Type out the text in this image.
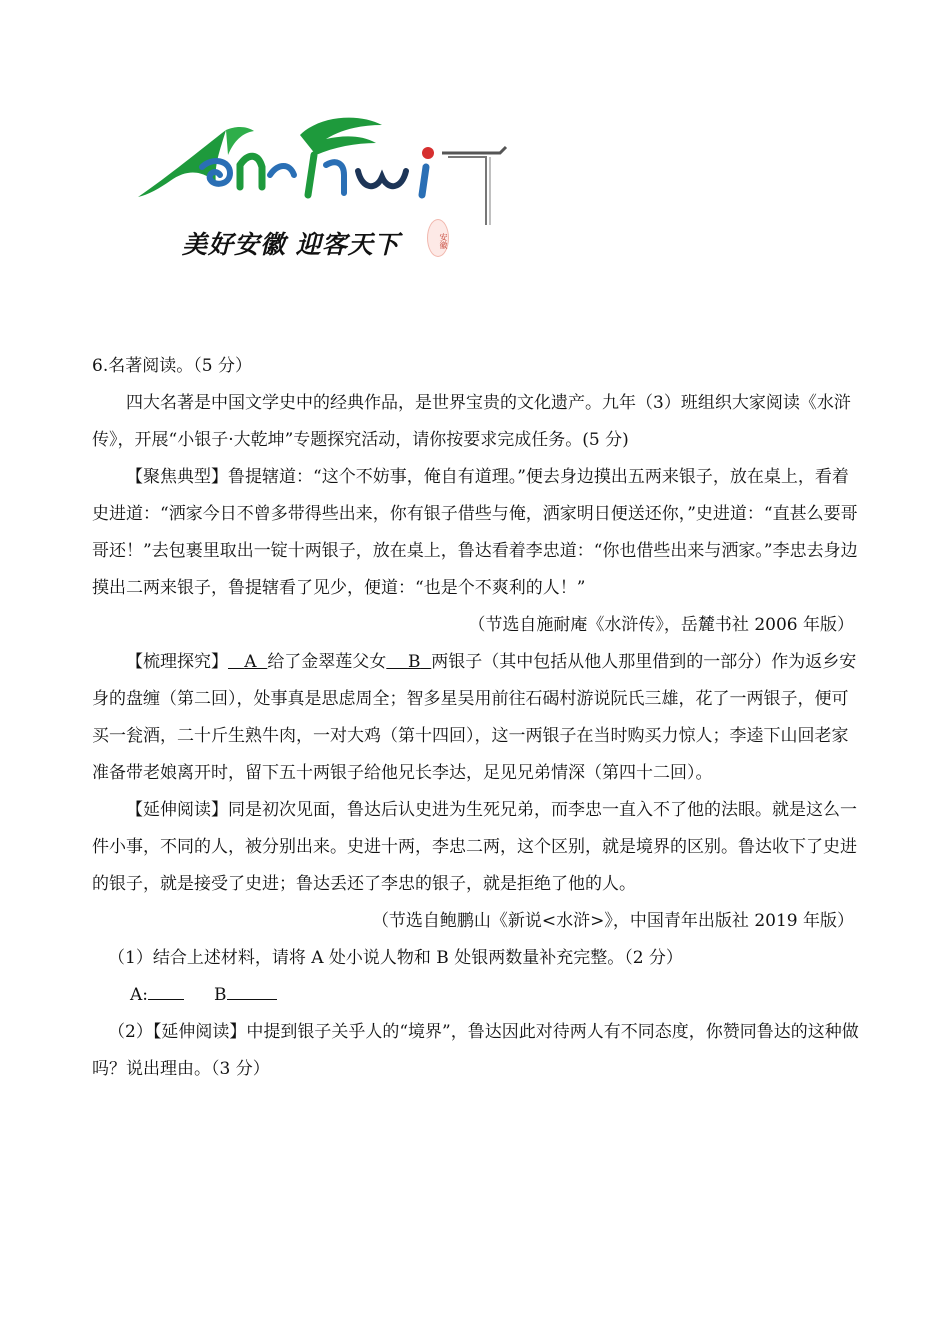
美好安徽 迎客天下	安徽

6.名著阅读。（5 分）

四大名著是中国文学史中的经典作品，是世界宝贵的文化遗产。九年（3）班组织大家阅读《水浒传》，开展“小银子·大乾坤”专题探究活动，请你按要求完成任务。(5 分)

【聚焦典型】鲁提辖道：“这个不妨事，俺自有道理。”便去身边摸出五两来银子，放在桌上，看着史进道：“洒家今日不曾多带得些出来，你有银子借些与俺，洒家明日便送还你，”史进道：“直甚么要哥哥还！”去包裹里取出一锭十两银子，放在桌上，鲁达看着李忠道：“你也借些出来与洒家。”李忠去身边摸出二两来银子，鲁提辖看了见少，便道：“也是个不爽利的人！”

（节选自施耐庵《水浒传》，岳麓书社 2006 年版）

【梳理探究】 A 给了金翠莲父女 B 两银子（其中包括从他人那里借到的一部分）作为返乡安身的盘缠（第二回），处事真是思虑周全；智多星吴用前往石碣村游说阮氏三雄，花了一两银子，便可买一瓮酒，二十斤生熟牛肉，一对大鸡（第十四回），这一两银子在当时购买力惊人；李逵下山回老家准备带老娘离开时，留下五十两银子给他兄长李达，足见兄弟情深（第四十二回）。

【延伸阅读】同是初次见面，鲁达后认史进为生死兄弟，而李忠一直入不了他的法眼。就是这么一件小事，不同的人，被分别出来。史进十两，李忠二两，这个区别，就是境界的区别。鲁达收下了史进的银子，就是接受了史进；鲁达丢还了李忠的银子，就是拒绝了他的人。

（节选自鲍鹏山《新说<水浒>》，中国青年出版社 2019 年版）

（1）结合上述材料，请将 A 处小说人物和 B 处银两数量补充完整。（2 分）

A:	B

（2）【延伸阅读】中提到银子关乎人的“境界”，鲁达因此对待两人有不同态度，你赞同鲁达的这种做吗？说出理由。（3 分）
